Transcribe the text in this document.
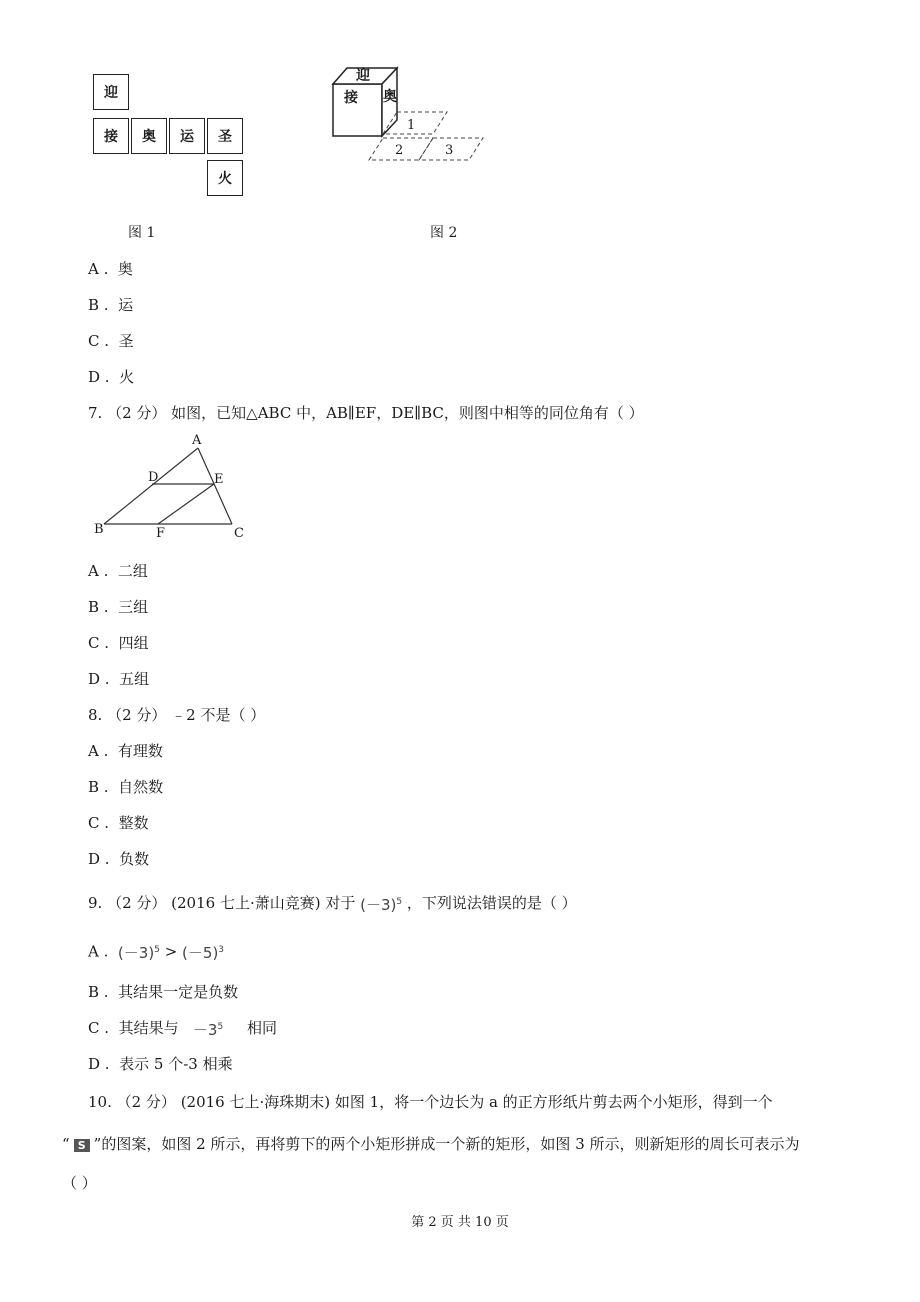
迎
接	奥	运	圣
火
图 1
迎
接 奥
1
2	3
图 2
A . 奥
B . 运
C . 圣
D . 火
7. （2 分） 如图，已知△ABC 中，AB∥EF，DE∥BC，则图中相等的同位角有（ ）
A
D	E
B	F	C
A . 二组
B . 三组
C . 四组
D . 五组
8. （2 分） ﹣2 不是（ ）
A . 有理数
B . 自然数
C . 整数
D . 负数
9. （2 分） (2016 七上·萧山竞赛) 对于 $(-3)^5$ ，下列说法错误的是（ ）
A . $(-3)^5 > (-5)^3$
B . 其结果一定是负数
C . 其结果与 $-3^5$ 相同
D . 表示 5 个-3 相乘
10. （2 分） (2016 七上·海珠期末) 如图 1，将一个边长为 a 的正方形纸片剪去两个小矩形，得到一个
“ S ”的图案，如图 2 所示，再将剪下的两个小矩形拼成一个新的矩形，如图 3 所示，则新矩形的周长可表示为
（ ）
第 2 页 共 10 页
